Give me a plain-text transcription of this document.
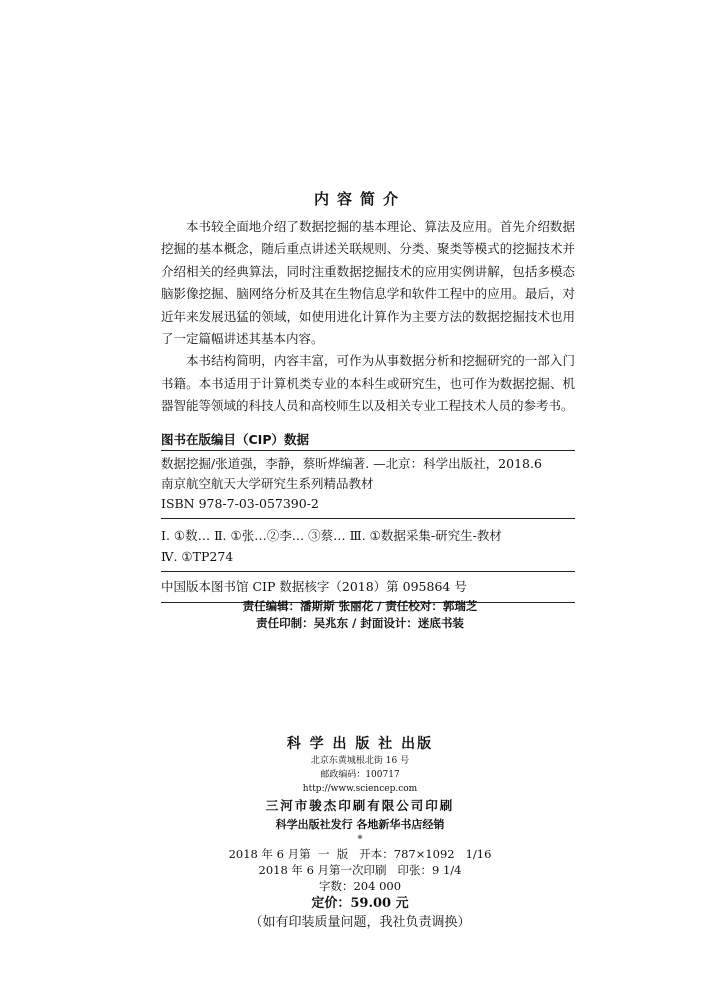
内容简介

本书较全面地介绍了数据挖掘的基本理论、算法及应用。首先介绍数据挖掘的基本概念，随后重点讲述关联规则、分类、聚类等模式的挖掘技术并介绍相关的经典算法，同时注重数据挖掘技术的应用实例讲解，包括多模态脑影像挖掘、脑网络分析及其在生物信息学和软件工程中的应用。最后，对近年来发展迅猛的领域，如使用进化计算作为主要方法的数据挖掘技术也用了一定篇幅讲述其基本内容。

本书结构简明，内容丰富，可作为从事数据分析和挖掘研究的一部入门书籍。本书适用于计算机类专业的本科生或研究生，也可作为数据挖掘、机器智能等领域的科技人员和高校师生以及相关专业工程技术人员的参考书。

图书在版编目（CIP）数据
数据挖掘/张道强，李静，蔡昕烨编著. —北京：科学出版社，2018.6
南京航空航天大学研究生系列精品教材
ISBN 978-7-03-057390-2
Ⅰ. ①数… Ⅱ. ①张…②李… ③蔡… Ⅲ. ①数据采集-研究生-教材
Ⅳ. ①TP274
中国版本图书馆 CIP 数据核字（2018）第 095864 号
责任编辑：潘斯斯 张丽花 / 责任校对：郭瑞芝
责任印制：吴兆东 / 封面设计：迷底书装
科 学 出 版 社 出版
北京东黄城根北街 16 号
邮政编码：100717
http://www.sciencep.com
三河市骏杰印刷有限公司印刷
科学出版社发行 各地新华书店经销
*
2018 年 6 月第  一  版   开本：787×1092   1/16
2018 年 6 月第一次印刷   印张：9 1/4
字数：204 000
定价：59.00 元
（如有印装质量问题，我社负责调换）
